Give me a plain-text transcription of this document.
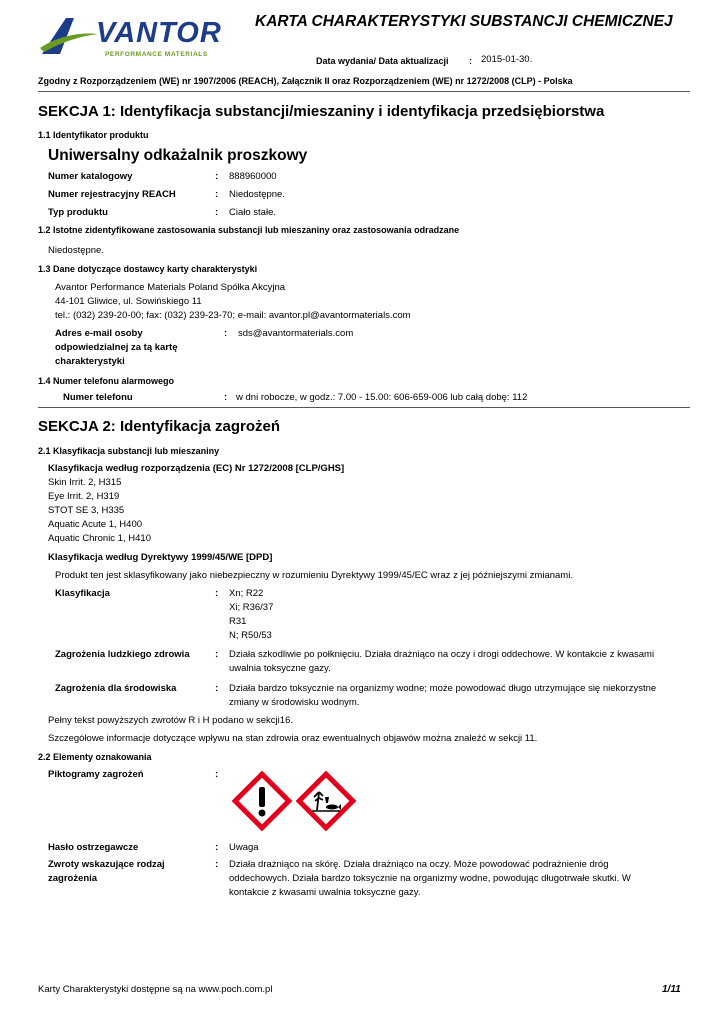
VANTOR
PERFORMANCE MATERIALS
KARTA CHARAKTERYSTYKI SUBSTANCJI CHEMICZNEJ
Data wydania/ Data aktualizacji : 2015-01-30.
Zgodny z Rozporządzeniem (WE) nr 1907/2006 (REACH), Załącznik II oraz Rozporządzeniem (WE) nr 1272/2008 (CLP) - Polska
SEKCJA 1: Identyfikacja substancji/mieszaniny i identyfikacja przedsiębiorstwa
1.1 Identyfikator produktu
Uniwersalny odkażalnik proszkowy
Numer katalogowy	: 888960000
Numer rejestracyjny REACH	: Niedostępne.
Typ produktu	: Ciało stałe.
1.2 Istotne zidentyfikowane zastosowania substancji lub mieszaniny oraz zastosowania odradzane
Niedostępne.
1.3 Dane dotyczące dostawcy karty charakterystyki
Avantor Performance Materials Poland Spółka Akcyjna
44-101 Gliwice, ul. Sowińskiego 11
tel.: (032) 239-20-00; fax: (032) 239-23-70; e-mail: avantor.pl@avantormaterials.com
Adres e-mail osoby
odpowiedzialnej za tą kartę
charakterystyki
: sds@avantormaterials.com
1.4 Numer telefonu alarmowego
Numer telefonu	: w dni robocze, w godz.: 7.00 - 15.00: 606-659-006 lub całą dobę: 112
SEKCJA 2: Identyfikacja zagrożeń
2.1 Klasyfikacja substancji lub mieszaniny
Klasyfikacja według rozporządzenia (EC) Nr 1272/2008 [CLP/GHS]
Skin Irrit. 2, H315
Eye Irrit. 2, H319
STOT SE 3, H335
Aquatic Acute 1, H400
Aquatic Chronic 1, H410
Klasyfikacja według Dyrektywy 1999/45/WE [DPD]
Produkt ten jest sklasyfikowany jako niebezpieczny w rozumieniu Dyrektywy 1999/45/EC wraz z jej późniejszymi zmianami.
Klasyfikacja	: Xn; R22
Xi; R36/37
R31
N; R50/53
Zagrożenia ludzkiego zdrowia	: Działa szkodliwie po połknięciu. Działa drażniąco na oczy i drogi oddechowe. W kontakcie z kwasami
uwalnia toksyczne gazy.
Zagrożenia dla środowiska	: Działa bardzo toksycznie na organizmy wodne; może powodować długo utrzymujące się niekorzystne
zmiany w środowisku wodnym.
Pełny tekst powyższych zwrotów R i H podano w sekcji16.
Szczegółowe informacje dotyczące wpływu na stan zdrowia oraz ewentualnych objawów można znaleźć w sekcji 11.
2.2 Elementy oznakowania
Piktogramy zagrożeń	:
Hasło ostrzegawcze	: Uwaga
Zwroty wskazujące rodzaj
zagrożenia
: Działa drażniąco na skórę. Działa drażniąco na oczy. Może powodować podrażnienie dróg
oddechowych. Działa bardzo toksycznie na organizmy wodne, powodując długotrwałe skutki. W
kontakcie z kwasami uwalnia toksyczne gazy.
Karty Charakterystyki dostępne są na www.poch.com.pl	1/11
